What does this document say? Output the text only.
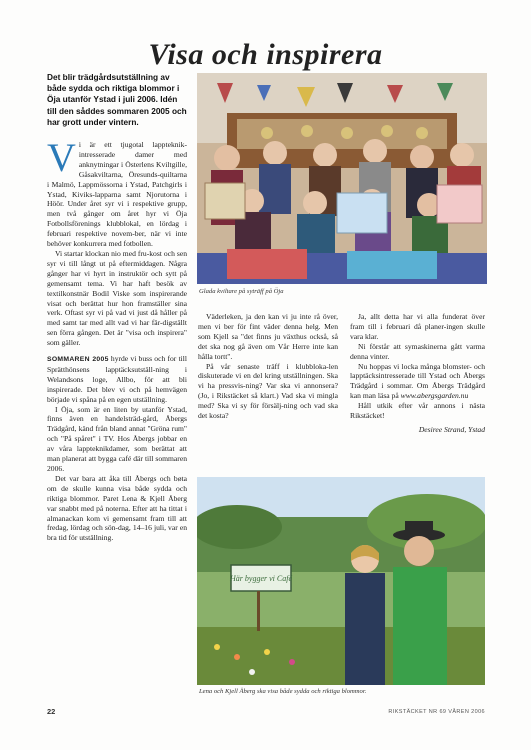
Visa och inspirera
Det blir trädgårdsutställning av både sydda och riktiga blommor i Öja utanför Ystad i juli 2006. Idén till den såddes sommaren 2005 och har grott under vintern.

Vi är ett tjugotal lappteknik-intresserade damer med anknytningar i Österlens Kviltgille, Gåsakviltarna, Öresunds-quiltarna i Malmö, Lappmössorna i Ystad, Patchgirls i Ystad, Kiviks-lapparna samt Njorutorna i Höör. Under året syr vi i respektive grupp, men två gånger om året hyr vi Öja Fotbollsförenings klubblokal, en lördag i februari respektive novem-ber, när vi inte behöver konkurrera med fotbollen.

Vi startar klockan nio med fru-kost och sen syr vi till långt ut på eftermiddagen. Några gånger har vi hyrt in instruktör och sytt på gemensamt tema. Vi har haft besök av textilkonstnär Bodil Viske som inspirerande visat och berättat hur hon framställer sina verk. Oftast syr vi på vad vi just då håller på med samt tar med allt vad vi har fär-digställt sen förra gången. Det är "visa och inspirera" som gäller.

SOMMAREN 2005 hyrde vi buss och for till Sprätthönsens lapptäcksutställ-ning i Welandsons loge, Allbo, för att bli inspirerade. Det blev vi och på hemvägen började vi spåna på en egen utställning.

I Öja, som är en liten by utanför Ystad, finns även en handelsträd-gård, Åbergs Trädgård, känd från bland annat "Gröna rum" och "På spåret" i TV. Hos Åbergs jobbar en av våra lappteknikdamer, som berättat att man planerat att bygga café där till sommaren 2006.

Det var bara att åka till Åbergs och bøta om de skulle kunna visa både sydda och riktiga blommor. Paret Lena & Kjell Åberg var snabbt med på noterna. Efter att ha tittat i almanackan kom vi gemensamt fram till att fredag, lördag och sön-dag, 14–16 juli, var en bra tid för utställning.

Glada kviltare på syträff på Öja

Väderleken, ja den kan vi ju inte rå över, men vi ber för fint väder denna helg. Men som Kjell sa "det finns ju växthus också, så det ska nog gå även om Vår Herre inte kan hålla tortt".

På vår senaste träff i klubbloka-len diskuterade vi en del kring utställningen. Ska vi ha pressvis-ning? Var ska vi annonsera? (Jo, i Rikstäcket så klart.) Vad ska vi mingla med? Ska vi sy för försälj-ning och vad ska det kosta?

Ja, allt detta har vi alla funderat över fram till i februari då planer-ingen skulle vara klar.

Ni förstår att symaskinerna gått varma denna vinter.

Nu hoppas vi locka många blomster- och lapptäcksintresserade till Ystad och Åbergs Trädgård i sommar. Om Åbergs Trädgård kan man läsa på www.abergsgarden.nu

Håll utkik efter vår annons i nästa Rikstäcket!

Desiree Strand, Ystad

Här bygger vi Café
Lena och Kjell Åberg ska visa både sydda och riktiga blommor.
22	RIKSTÄCKET NR 69 VÅREN 2006
